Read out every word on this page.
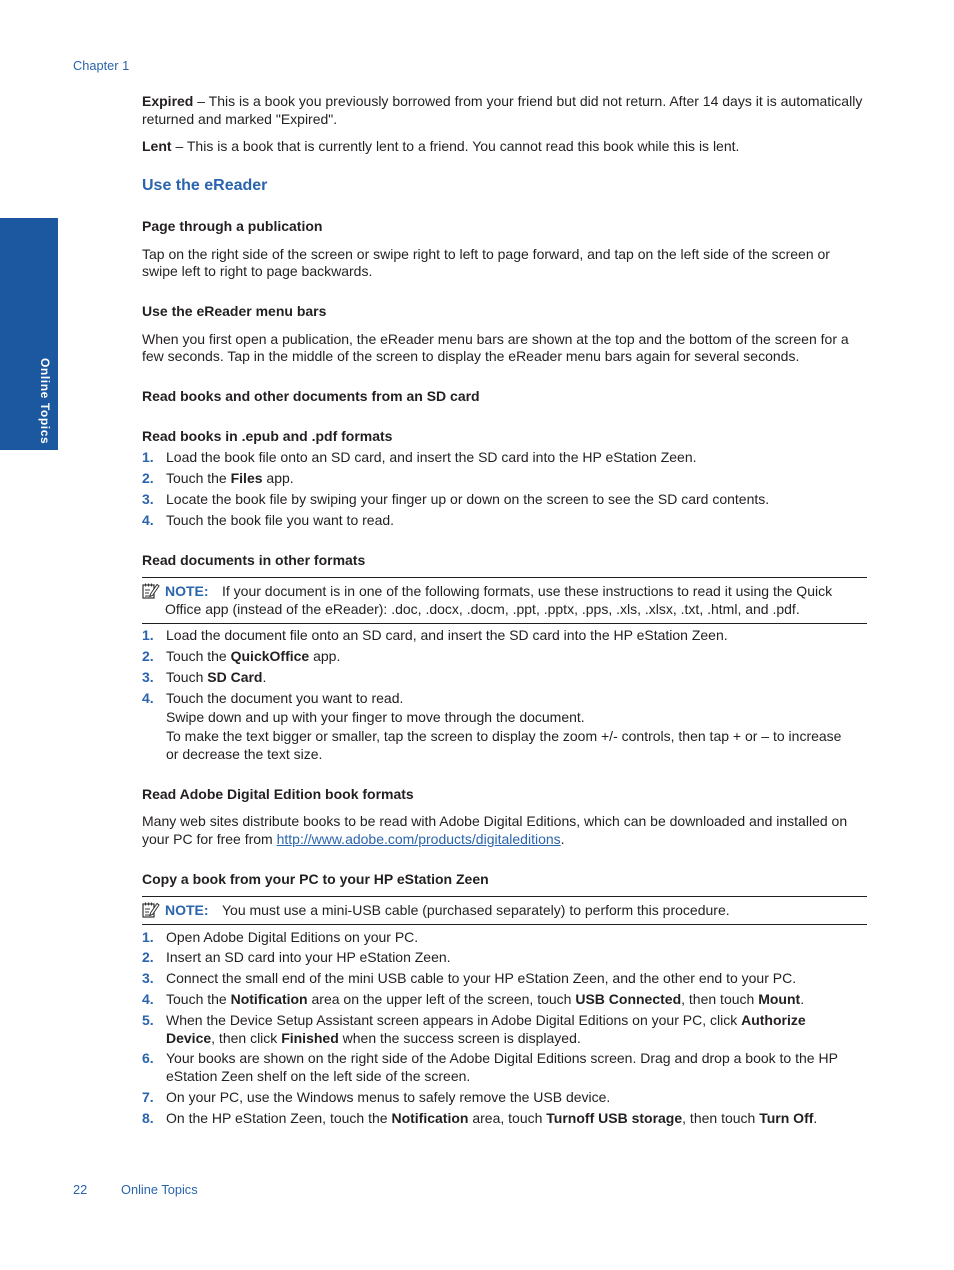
Chapter 1
Online Topics
Expired – This is a book you previously borrowed from your friend but did not return. After 14 days it is automatically
returned and marked "Expired".
Lent – This is a book that is currently lent to a friend. You cannot read this book while this is lent.
Use the eReader
Page through a publication
Tap on the right side of the screen or swipe right to left to page forward, and tap on the left side of the screen or
swipe left to right to page backwards.
Use the eReader menu bars
When you first open a publication, the eReader menu bars are shown at the top and the bottom of the screen for a
few seconds. Tap in the middle of the screen to display the eReader menu bars again for several seconds.
Read books and other documents from an SD card
Read books in .epub and .pdf formats
1. Load the book file onto an SD card, and insert the SD card into the HP eStation Zeen.
2. Touch the Files app.
3. Locate the book file by swiping your finger up or down on the screen to see the SD card contents.
4. Touch the book file you want to read.
Read documents in other formats
NOTE: If your document is in one of the following formats, use these instructions to read it using the Quick
Office app (instead of the eReader): .doc, .docx, .docm, .ppt, .pptx, .pps, .xls, .xlsx, .txt, .html, and .pdf.
1. Load the document file onto an SD card, and insert the SD card into the HP eStation Zeen.
2. Touch the QuickOffice app.
3. Touch SD Card.
4. Touch the document you want to read.
Swipe down and up with your finger to move through the document.
To make the text bigger or smaller, tap the screen to display the zoom +/- controls, then tap + or – to increase
or decrease the text size.
Read Adobe Digital Edition book formats
Many web sites distribute books to be read with Adobe Digital Editions, which can be downloaded and installed on
your PC for free from http://www.adobe.com/products/digitaleditions.
Copy a book from your PC to your HP eStation Zeen
NOTE: You must use a mini-USB cable (purchased separately) to perform this procedure.
1. Open Adobe Digital Editions on your PC.
2. Insert an SD card into your HP eStation Zeen.
3. Connect the small end of the mini USB cable to your HP eStation Zeen, and the other end to your PC.
4. Touch the Notification area on the upper left of the screen, touch USB Connected, then touch Mount.
5. When the Device Setup Assistant screen appears in Adobe Digital Editions on your PC, click Authorize
Device, then click Finished when the success screen is displayed.
6. Your books are shown on the right side of the Adobe Digital Editions screen. Drag and drop a book to the HP
eStation Zeen shelf on the left side of the screen.
7. On your PC, use the Windows menus to safely remove the USB device.
8. On the HP eStation Zeen, touch the Notification area, touch Turnoff USB storage, then touch Turn Off.
22	Online Topics
